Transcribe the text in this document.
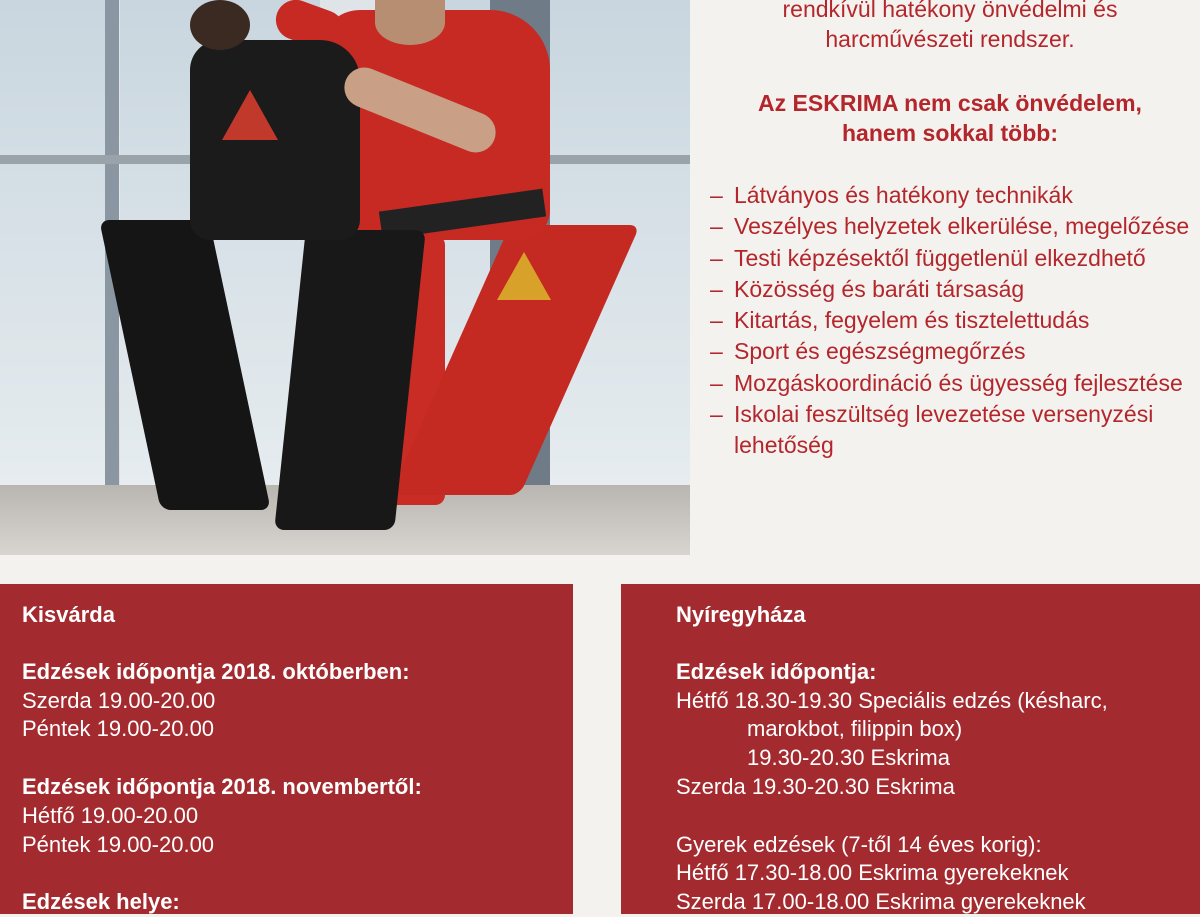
rendkívül hatékony önvédelmi és

harcművészeti rendszer.

Az ESKRIMA nem csak önvédelem,

hanem sokkal több:

– Látványos és hatékony technikák
– Veszélyes helyzetek elkerülése, megelőzése
– Testi képzésektől függetlenül elkezdhető
– Közösség és baráti társaság
– Kitartás, fegyelem és tisztelettudás
– Sport és egészségmegőrzés
– Mozgáskoordináció és ügyesség fejlesztése
– Iskolai feszültség levezetése versenyzési lehetőség
Kisvárda
Edzések időpontja 2018. októberben:
Szerda 19.00-20.00
Péntek 19.00-20.00
Edzések időpontja 2018. novembertől:
Hétfő 19.00-20.00
Péntek 19.00-20.00
Edzések helye:
Nyíregyháza
Edzések időpontja:
Hétfő 18.30-19.30 Speciális edzés (késharc,
marokbot, filippin box)
19.30-20.30 Eskrima
Szerda 19.30-20.30 Eskrima
Gyerek edzések (7-től 14 éves korig):
Hétfő 17.30-18.00 Eskrima gyerekeknek
Szerda 17.00-18.00 Eskrima gyerekeknek
